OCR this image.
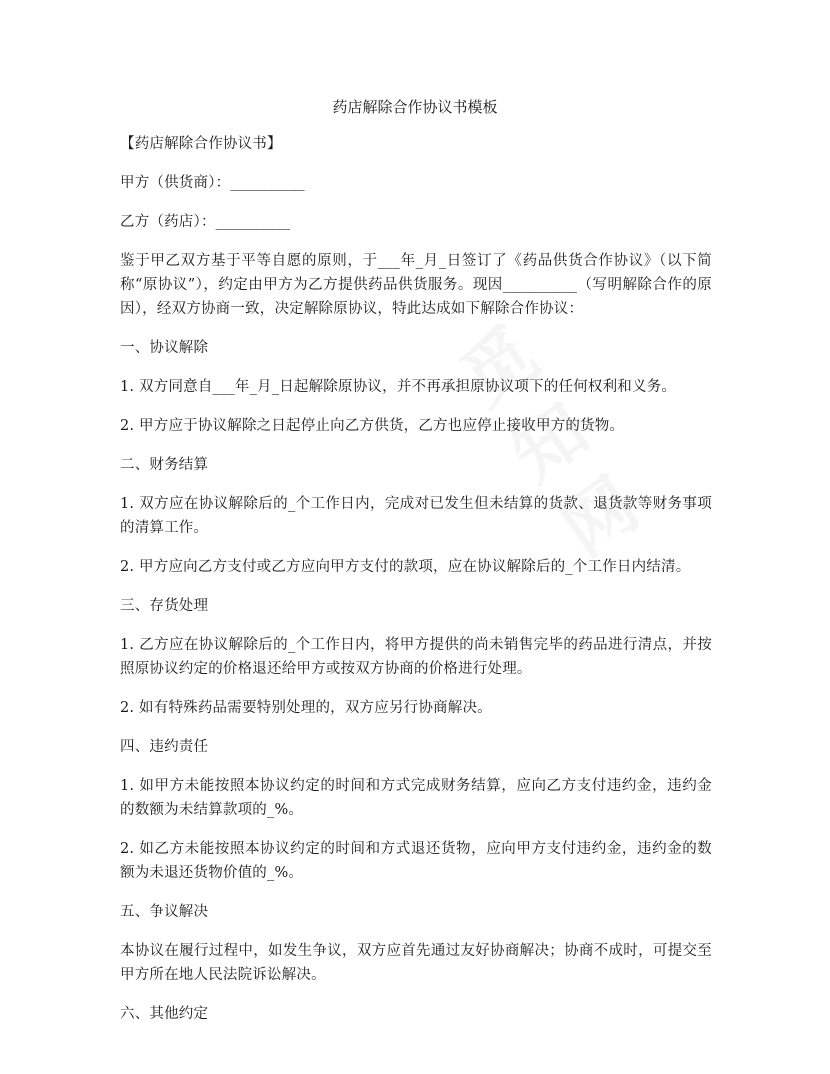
觅
知
网
药店解除合作协议书模板

【药店解除合作协议书】

甲方（供货商）：__________

乙方（药店）：__________

鉴于甲乙双方基于平等自愿的原则，于___年_月_日签订了《药品供货合作协议》（以下简称“原协议”），约定由甲方为乙方提供药品供货服务。现因__________（写明解除合作的原因），经双方协商一致，决定解除原协议，特此达成如下解除合作协议：

一、协议解除

1. 双方同意自___年_月_日起解除原协议，并不再承担原协议项下的任何权利和义务。

2. 甲方应于协议解除之日起停止向乙方供货，乙方也应停止接收甲方的货物。

二、财务结算

1. 双方应在协议解除后的_个工作日内，完成对已发生但未结算的货款、退货款等财务事项的清算工作。

2. 甲方应向乙方支付或乙方应向甲方支付的款项，应在协议解除后的_个工作日内结清。

三、存货处理

1. 乙方应在协议解除后的_个工作日内，将甲方提供的尚未销售完毕的药品进行清点，并按照原协议约定的价格退还给甲方或按双方协商的价格进行处理。

2. 如有特殊药品需要特别处理的，双方应另行协商解决。

四、违约责任

1. 如甲方未能按照本协议约定的时间和方式完成财务结算，应向乙方支付违约金，违约金的数额为未结算款项的_%。

2. 如乙方未能按照本协议约定的时间和方式退还货物，应向甲方支付违约金，违约金的数额为未退还货物价值的_%。

五、争议解决

本协议在履行过程中，如发生争议，双方应首先通过友好协商解决；协商不成时，可提交至甲方所在地人民法院诉讼解决。

六、其他约定
